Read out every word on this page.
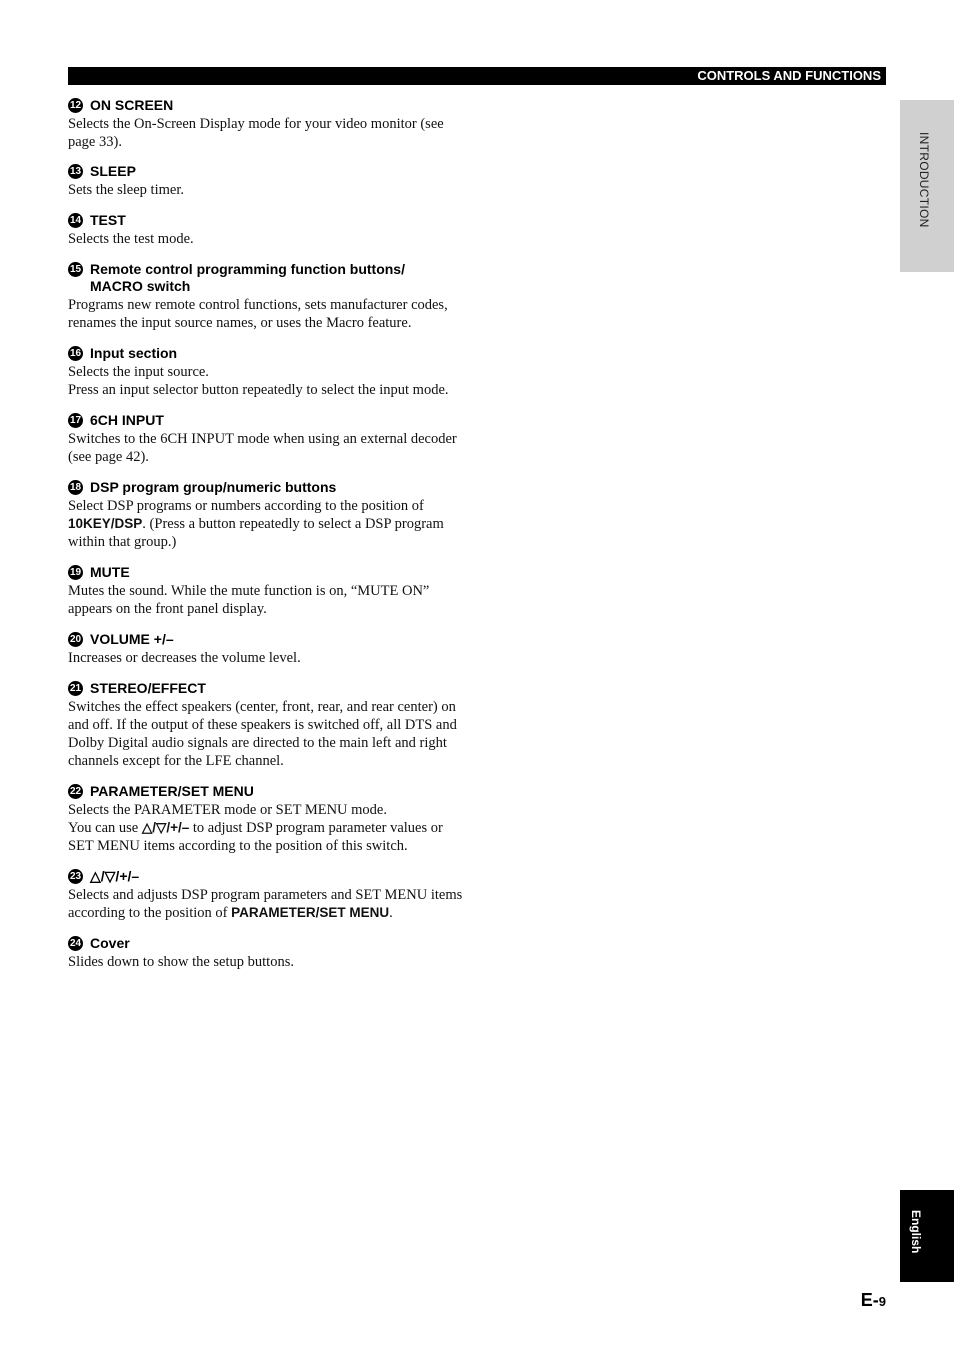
CONTROLS AND FUNCTIONS
INTRODUCTION
English
E-9
12 ON SCREEN

Selects the On-Screen Display mode for your video monitor (see page 33).

13 SLEEP

Sets the sleep timer.

14 TEST

Selects the test mode.

15 Remote control programming function buttons/ MACRO switch

Programs new remote control functions, sets manufacturer codes, renames the input source names, or uses the Macro feature.

16 Input section

Selects the input source.

Press an input selector button repeatedly to select the input mode.

17 6CH INPUT

Switches to the 6CH INPUT mode when using an external decoder (see page 42).

18 DSP program group/numeric buttons

Select DSP programs or numbers according to the position of 10KEY/DSP. (Press a button repeatedly to select a DSP program within that group.)

19 MUTE

Mutes the sound. While the mute function is on, “MUTE ON” appears on the front panel display.

20 VOLUME +/–

Increases or decreases the volume level.

21 STEREO/EFFECT

Switches the effect speakers (center, front, rear, and rear center) on and off. If the output of these speakers is switched off, all DTS and Dolby Digital audio signals are directed to the main left and right channels except for the LFE channel.

22 PARAMETER/SET MENU

Selects the PARAMETER mode or SET MENU mode.

You can use △/▽/+/– to adjust DSP program parameter values or SET MENU items according to the position of this switch.

23 △/▽/+/–

Selects and adjusts DSP program parameters and SET MENU items according to the position of PARAMETER/SET MENU.

24 Cover

Slides down to show the setup buttons.
